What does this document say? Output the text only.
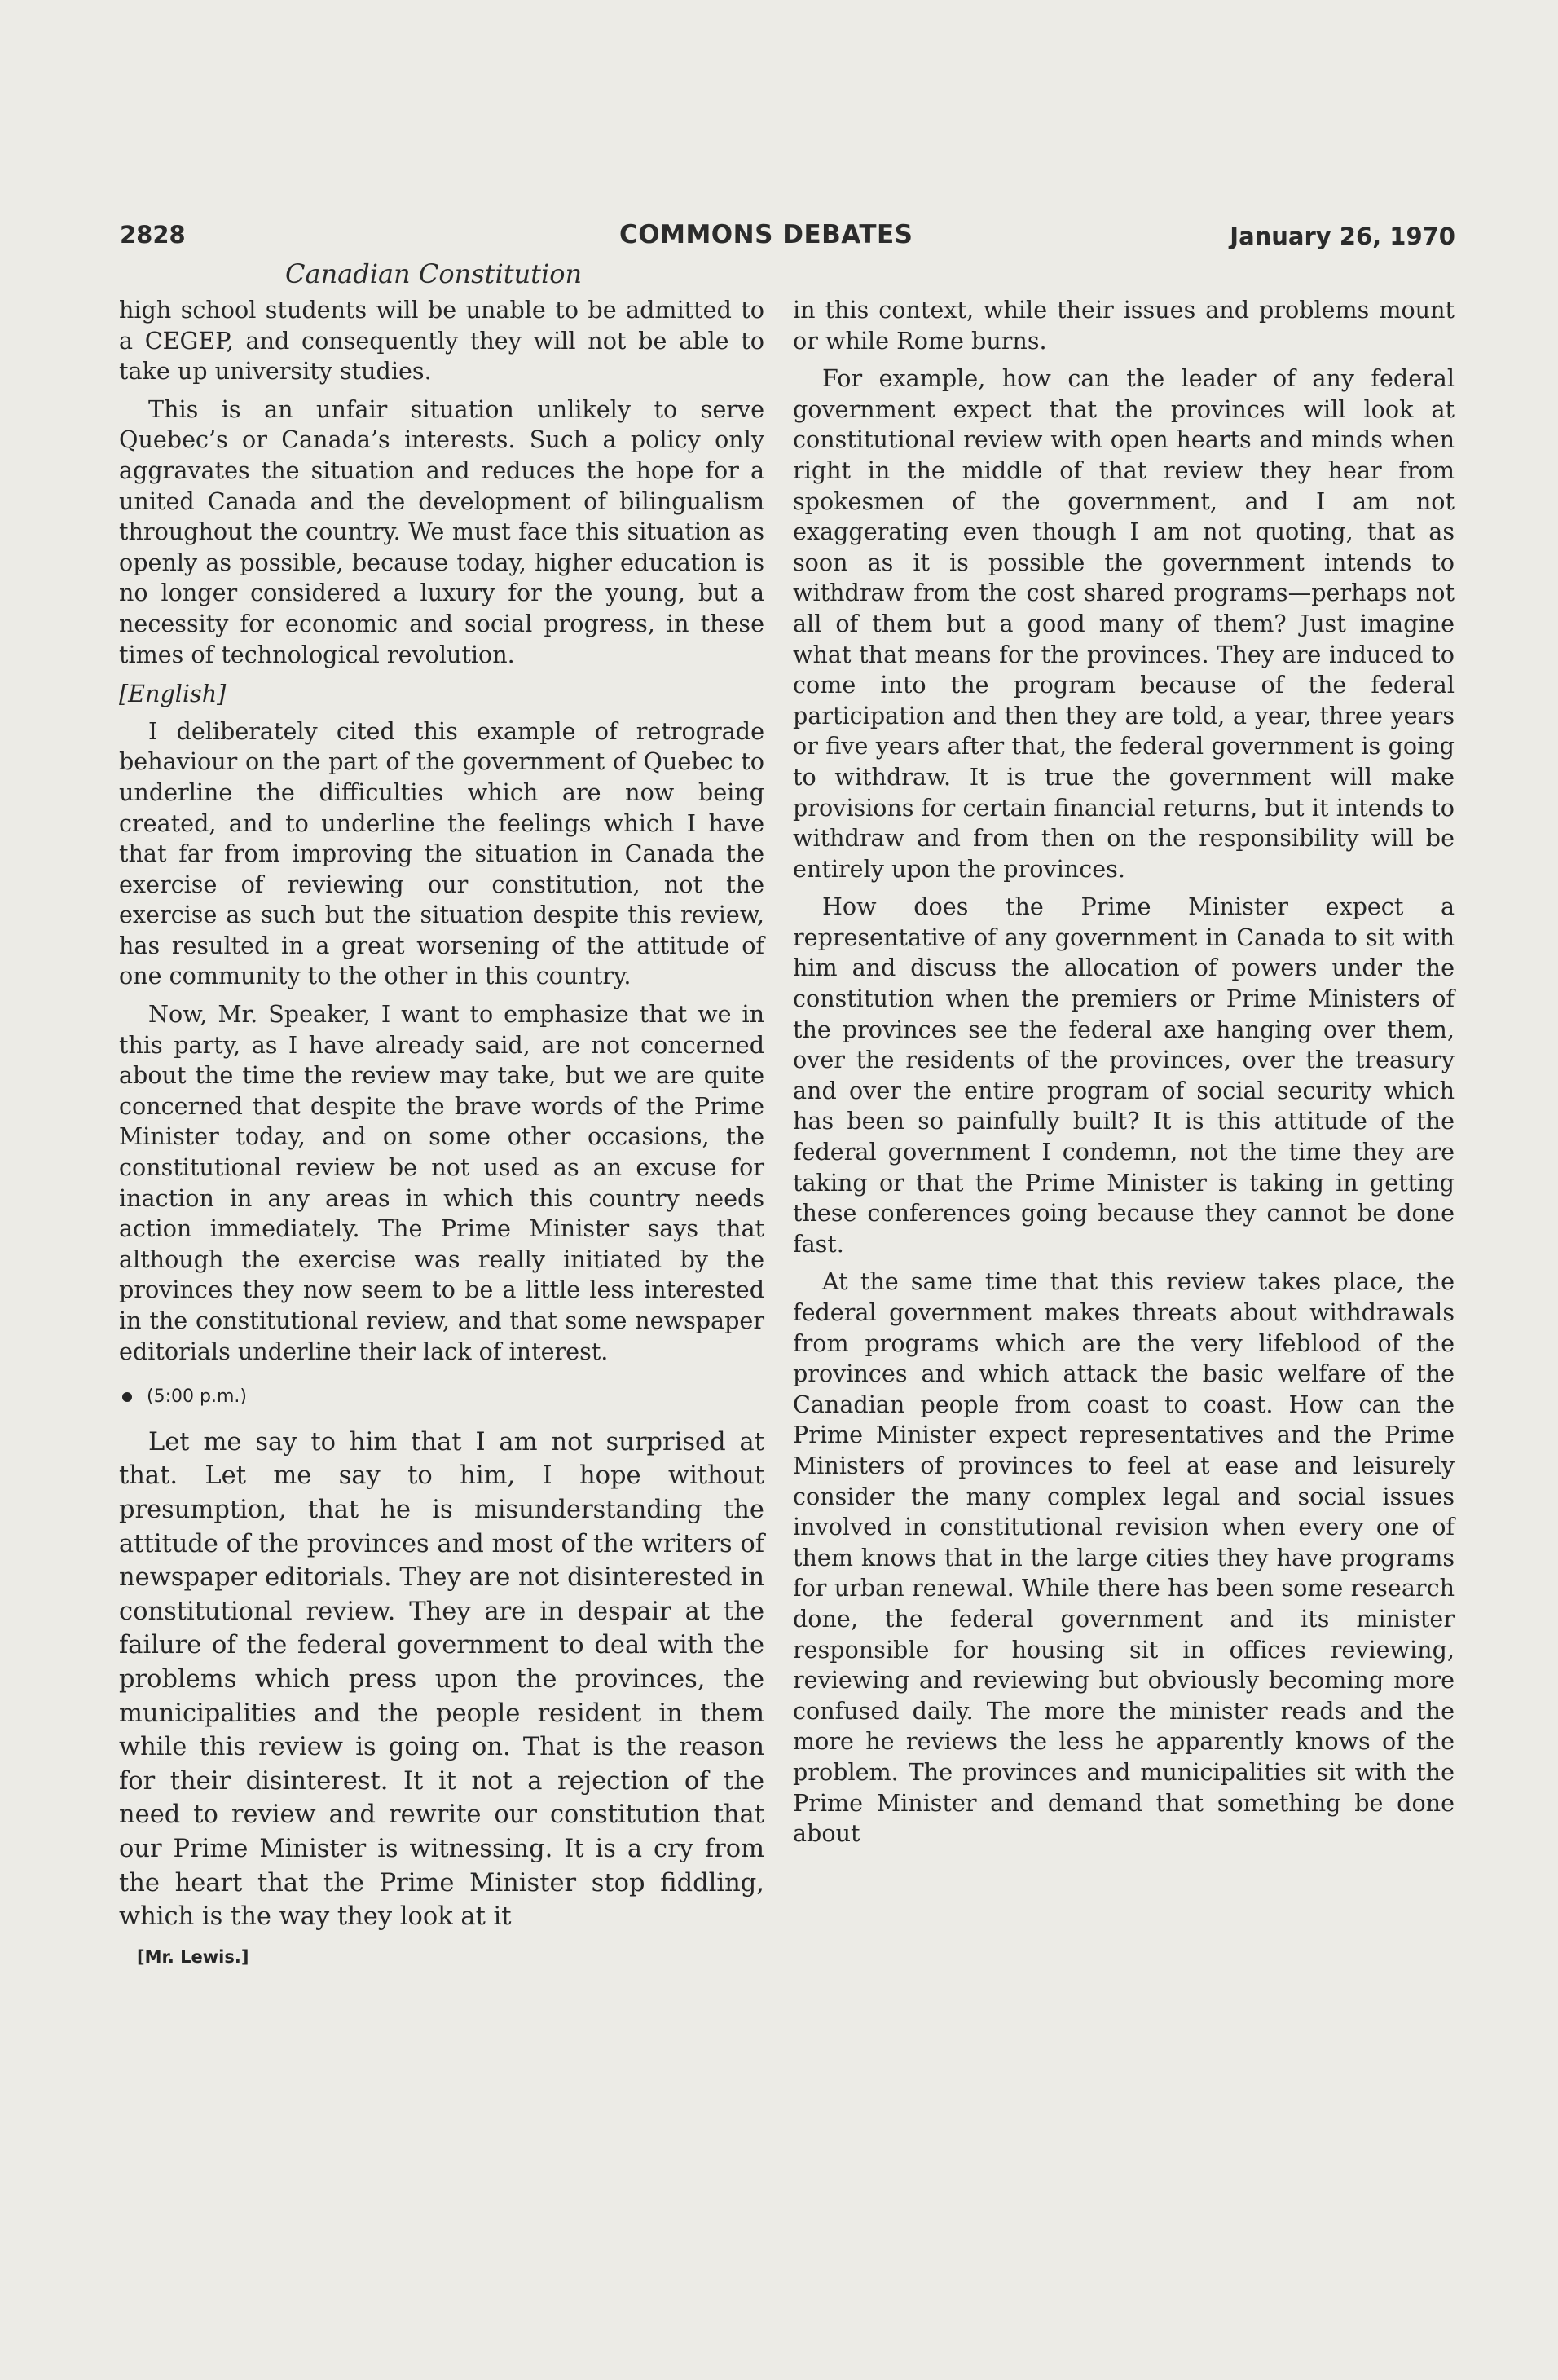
2828	COMMONS DEBATES	January 26, 1970
Canadian Constitution

high school students will be unable to be admitted to a CEGEP, and consequently they will not be able to take up university studies.

This is an unfair situation unlikely to serve Quebec’s or Canada’s interests. Such a policy only aggravates the situation and reduces the hope for a united Canada and the development of bilingualism throughout the country. We must face this situation as openly as possible, because today, higher education is no longer considered a luxury for the young, but a necessity for economic and social progress, in these times of technological revolution.

[English]

I deliberately cited this example of retrograde behaviour on the part of the government of Quebec to underline the difficulties which are now being created, and to underline the feelings which I have that far from improving the situation in Canada the exercise of reviewing our constitution, not the exercise as such but the situation despite this review, has resulted in a great worsening of the attitude of one community to the other in this country.

Now, Mr. Speaker, I want to emphasize that we in this party, as I have already said, are not concerned about the time the review may take, but we are quite concerned that despite the brave words of the Prime Minister today, and on some other occasions, the constitutional review be not used as an excuse for inaction in any areas in which this country needs action immediately. The Prime Minister says that although the exercise was really initiated by the provinces they now seem to be a little less interested in the constitutional review, and that some newspaper editorials underline their lack of interest.

(5:00 p.m.)

Let me say to him that I am not surprised at that. Let me say to him, I hope without presumption, that he is misunderstanding the attitude of the provinces and most of the writers of newspaper editorials. They are not disinterested in constitutional review. They are in despair at the failure of the federal government to deal with the problems which press upon the provinces, the municipalities and the people resident in them while this review is going on. That is the reason for their disinterest. It it not a rejection of the need to review and rewrite our constitution that our Prime Minister is witnessing. It is a cry from the heart that the Prime Minister stop fiddling, which is the way they look at it

[Mr. Lewis.]

in this context, while their issues and problems mount or while Rome burns.

For example, how can the leader of any federal government expect that the provinces will look at constitutional review with open hearts and minds when right in the middle of that review they hear from spokesmen of the government, and I am not exaggerating even though I am not quoting, that as soon as it is possible the government intends to withdraw from the cost shared programs—perhaps not all of them but a good many of them? Just imagine what that means for the provinces. They are induced to come into the program because of the federal participation and then they are told, a year, three years or five years after that, the federal government is going to withdraw. It is true the government will make provisions for certain financial returns, but it intends to withdraw and from then on the responsibility will be entirely upon the provinces.

How does the Prime Minister expect a representative of any government in Canada to sit with him and discuss the allocation of powers under the constitution when the premiers or Prime Ministers of the provinces see the federal axe hanging over them, over the residents of the provinces, over the treasury and over the entire program of social security which has been so painfully built? It is this attitude of the federal government I condemn, not the time they are taking or that the Prime Minister is taking in getting these conferences going because they cannot be done fast.

At the same time that this review takes place, the federal government makes threats about withdrawals from programs which are the very lifeblood of the provinces and which attack the basic welfare of the Canadian people from coast to coast. How can the Prime Minister expect representatives and the Prime Ministers of provinces to feel at ease and leisurely consider the many complex legal and social issues involved in constitutional revision when every one of them knows that in the large cities they have programs for urban renewal. While there has been some research done, the federal government and its minister responsible for housing sit in offices reviewing, reviewing and reviewing but obviously becoming more confused daily. The more the minister reads and the more he reviews the less he apparently knows of the problem. The provinces and municipalities sit with the Prime Minister and demand that something be done about
